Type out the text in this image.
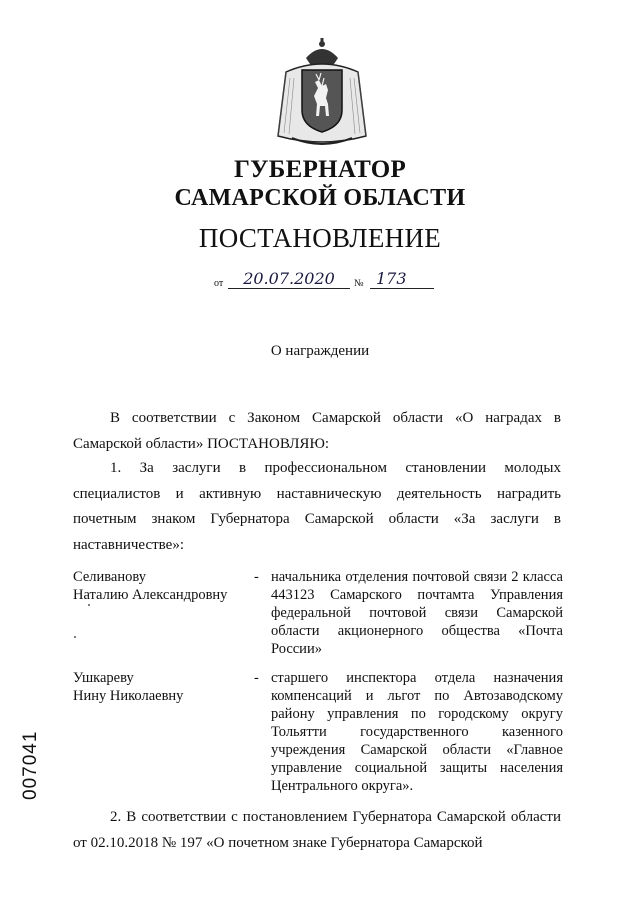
ГУБЕРНАТОР
САМАРСКОЙ ОБЛАСТИ
ПОСТАНОВЛЕНИЕ
от	20.07.2020	№ 173
О награждении
В соответствии с Законом Самарской области «О наградах в Самарской области» ПОСТАНОВЛЯЮ:
1. За заслуги в профессиональном становлении молодых специалистов и активную наставническую деятельность наградить почетным знаком Губернатора Самарской области «За заслуги в наставничестве»:
Селиванову
Наталию Александровну
- начальника отделения почтовой связи 2 класса 443123 Самарского почтамта Управления федеральной почтовой связи Самарской области акционерного общества «Почта России»
Ушкареву
Нину Николаевну
- старшего инспектора отдела назначения компенсаций и льгот по Автозаводскому району управления по городскому округу Тольятти государственного казенного учреждения Самарской области «Главное управление социальной защиты населения Центрального округа».
2. В соответствии с постановлением Губернатора Самарской области от 02.10.2018 № 197 «О почетном знаке Губернатора Самарской
007041
